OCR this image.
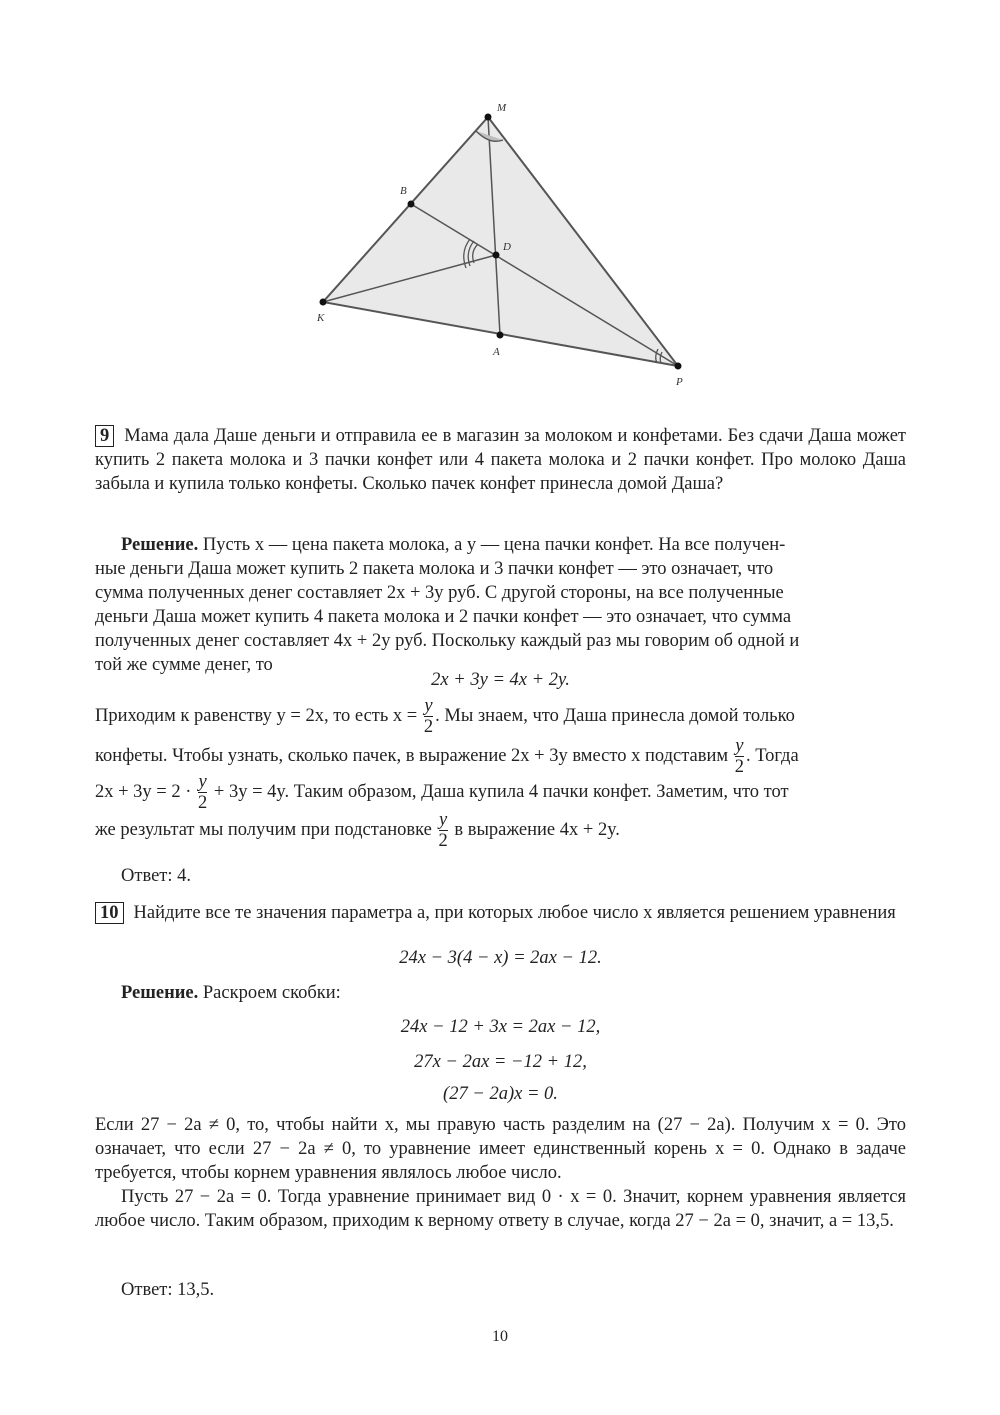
M
B
D
K
A
P
9 Мама дала Даше деньги и отправила ее в магазин за молоком и конфетами. Без сдачи Даша может купить 2 пакета молока и 3 пачки конфет или 4 пакета молока и 2 пачки конфет. Про молоко Даша забыла и купила только конфеты. Сколько пачек конфет принесла домой Даша?
Решение. Пусть x — цена пакета молока, а y — цена пачки конфет. На все получен-
ные деньги Даша может купить 2 пакета молока и 3 пачки конфет — это означает, что
сумма полученных денег составляет 2x + 3y руб. С другой стороны, на все полученные
деньги Даша может купить 4 пакета молока и 2 пачки конфет — это означает, что сумма
полученных денег составляет 4x + 2y руб. Поскольку каждый раз мы говорим об одной и
той же сумме денег, то
2x + 3y = 4x + 2y.
Приходим к равенству y = 2x, то есть $x = \frac{y}{2}$ . Мы знаем, что Даша принесла домой только
конфеты. Чтобы узнать, сколько пачек, в выражение 2x + 3y вместо x подставим $\frac{y}{2}$ . Тогда
$2x + 3y = 2 \cdot \frac{y}{2} + 3y = 4y$. Таким образом, Даша купила 4 пачки конфет. Заметим, что тот
же результат мы получим при подстановке $\frac{y}{2}$ в выражение 4x + 2y.
Ответ: 4.
10 Найдите все те значения параметра a, при которых любое число x является решением уравнения
24x − 3(4 − x) = 2ax − 12.
Решение. Раскроем скобки:
24x − 12 + 3x = 2ax − 12,
27x − 2ax = −12 + 12,
(27 − 2a)x = 0.
Если 27 − 2a ≠ 0, то, чтобы найти x, мы правую часть разделим на (27 − 2a). Получим x = 0. Это означает, что если 27 − 2a ≠ 0, то уравнение имеет единственный корень x = 0. Однако в задаче требуется, чтобы корнем уравнения являлось любое число.
Пусть 27 − 2a = 0. Тогда уравнение принимает вид 0 · x = 0. Значит, корнем уравнения является любое число. Таким образом, приходим к верному ответу в случае, когда 27 − 2a = 0, значит, a = 13,5.
Ответ: 13,5.
10
